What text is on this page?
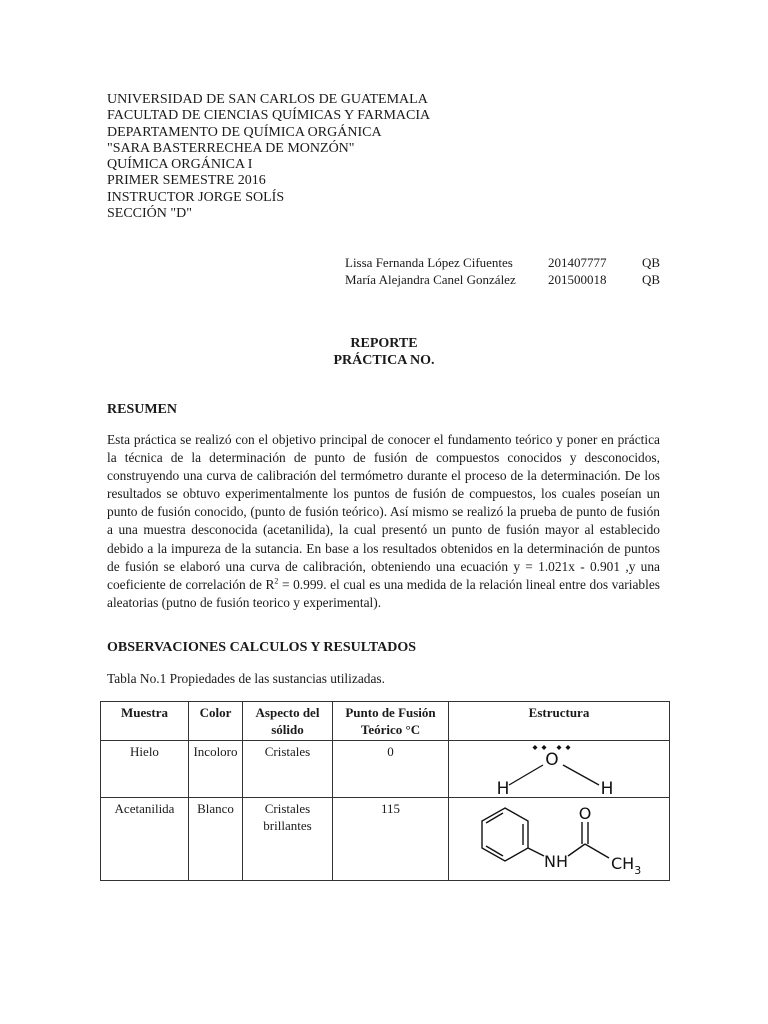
UNIVERSIDAD DE SAN CARLOS DE GUATEMALA
FACULTAD DE CIENCIAS QUÍMICAS Y FARMACIA
DEPARTAMENTO DE QUÍMICA ORGÁNICA
"SARA BASTERRECHEA DE MONZÓN"
QUÍMICA ORGÁNICA I
PRIMER SEMESTRE 2016
INSTRUCTOR JORGE SOLÍS
SECCIÓN "D"
Lissa Fernanda López Cifuentes	201407777	QB
María Alejandra Canel González	201500018	QB
REPORTE
PRÁCTICA NO.
RESUMEN
Esta práctica se realizó con el objetivo principal de conocer el fundamento teórico y poner en práctica la técnica de la determinación de punto de fusión de compuestos conocidos y desconocidos, construyendo una curva de calibración del termómetro durante el proceso de la determinación. De los resultados se obtuvo experimentalmente los puntos de fusión de compuestos, los cuales poseían un punto de fusión conocido, (punto de fusión teórico). Así mismo se realizó la prueba de punto de fusión a una muestra desconocida (acetanilida), la cual presentó un punto de fusión mayor al establecido debido a la impureza de la sutancia. En base a los resultados obtenidos en la determinación de puntos de fusión se elaboró una curva de calibración, obteniendo una ecuación y = 1.021x - 0.901 ,y una coeficiente de correlación de $R^2 = 0.999$. el cual es una medida de la relación lineal entre dos variables aleatorias (putno de fusión teorico y experimental).
OBSERVACIONES CALCULOS Y RESULTADOS
Tabla No.1 Propiedades de las sustancias utilizadas.
Muestra	Color	Aspecto del sólido	Punto de Fusión Teórico °C	Estructura
Hielo	Incoloro	Cristales	0	O
H H

Acetanilida	Blanco	Cristales brillantes	115	O
NH $CH_3$
